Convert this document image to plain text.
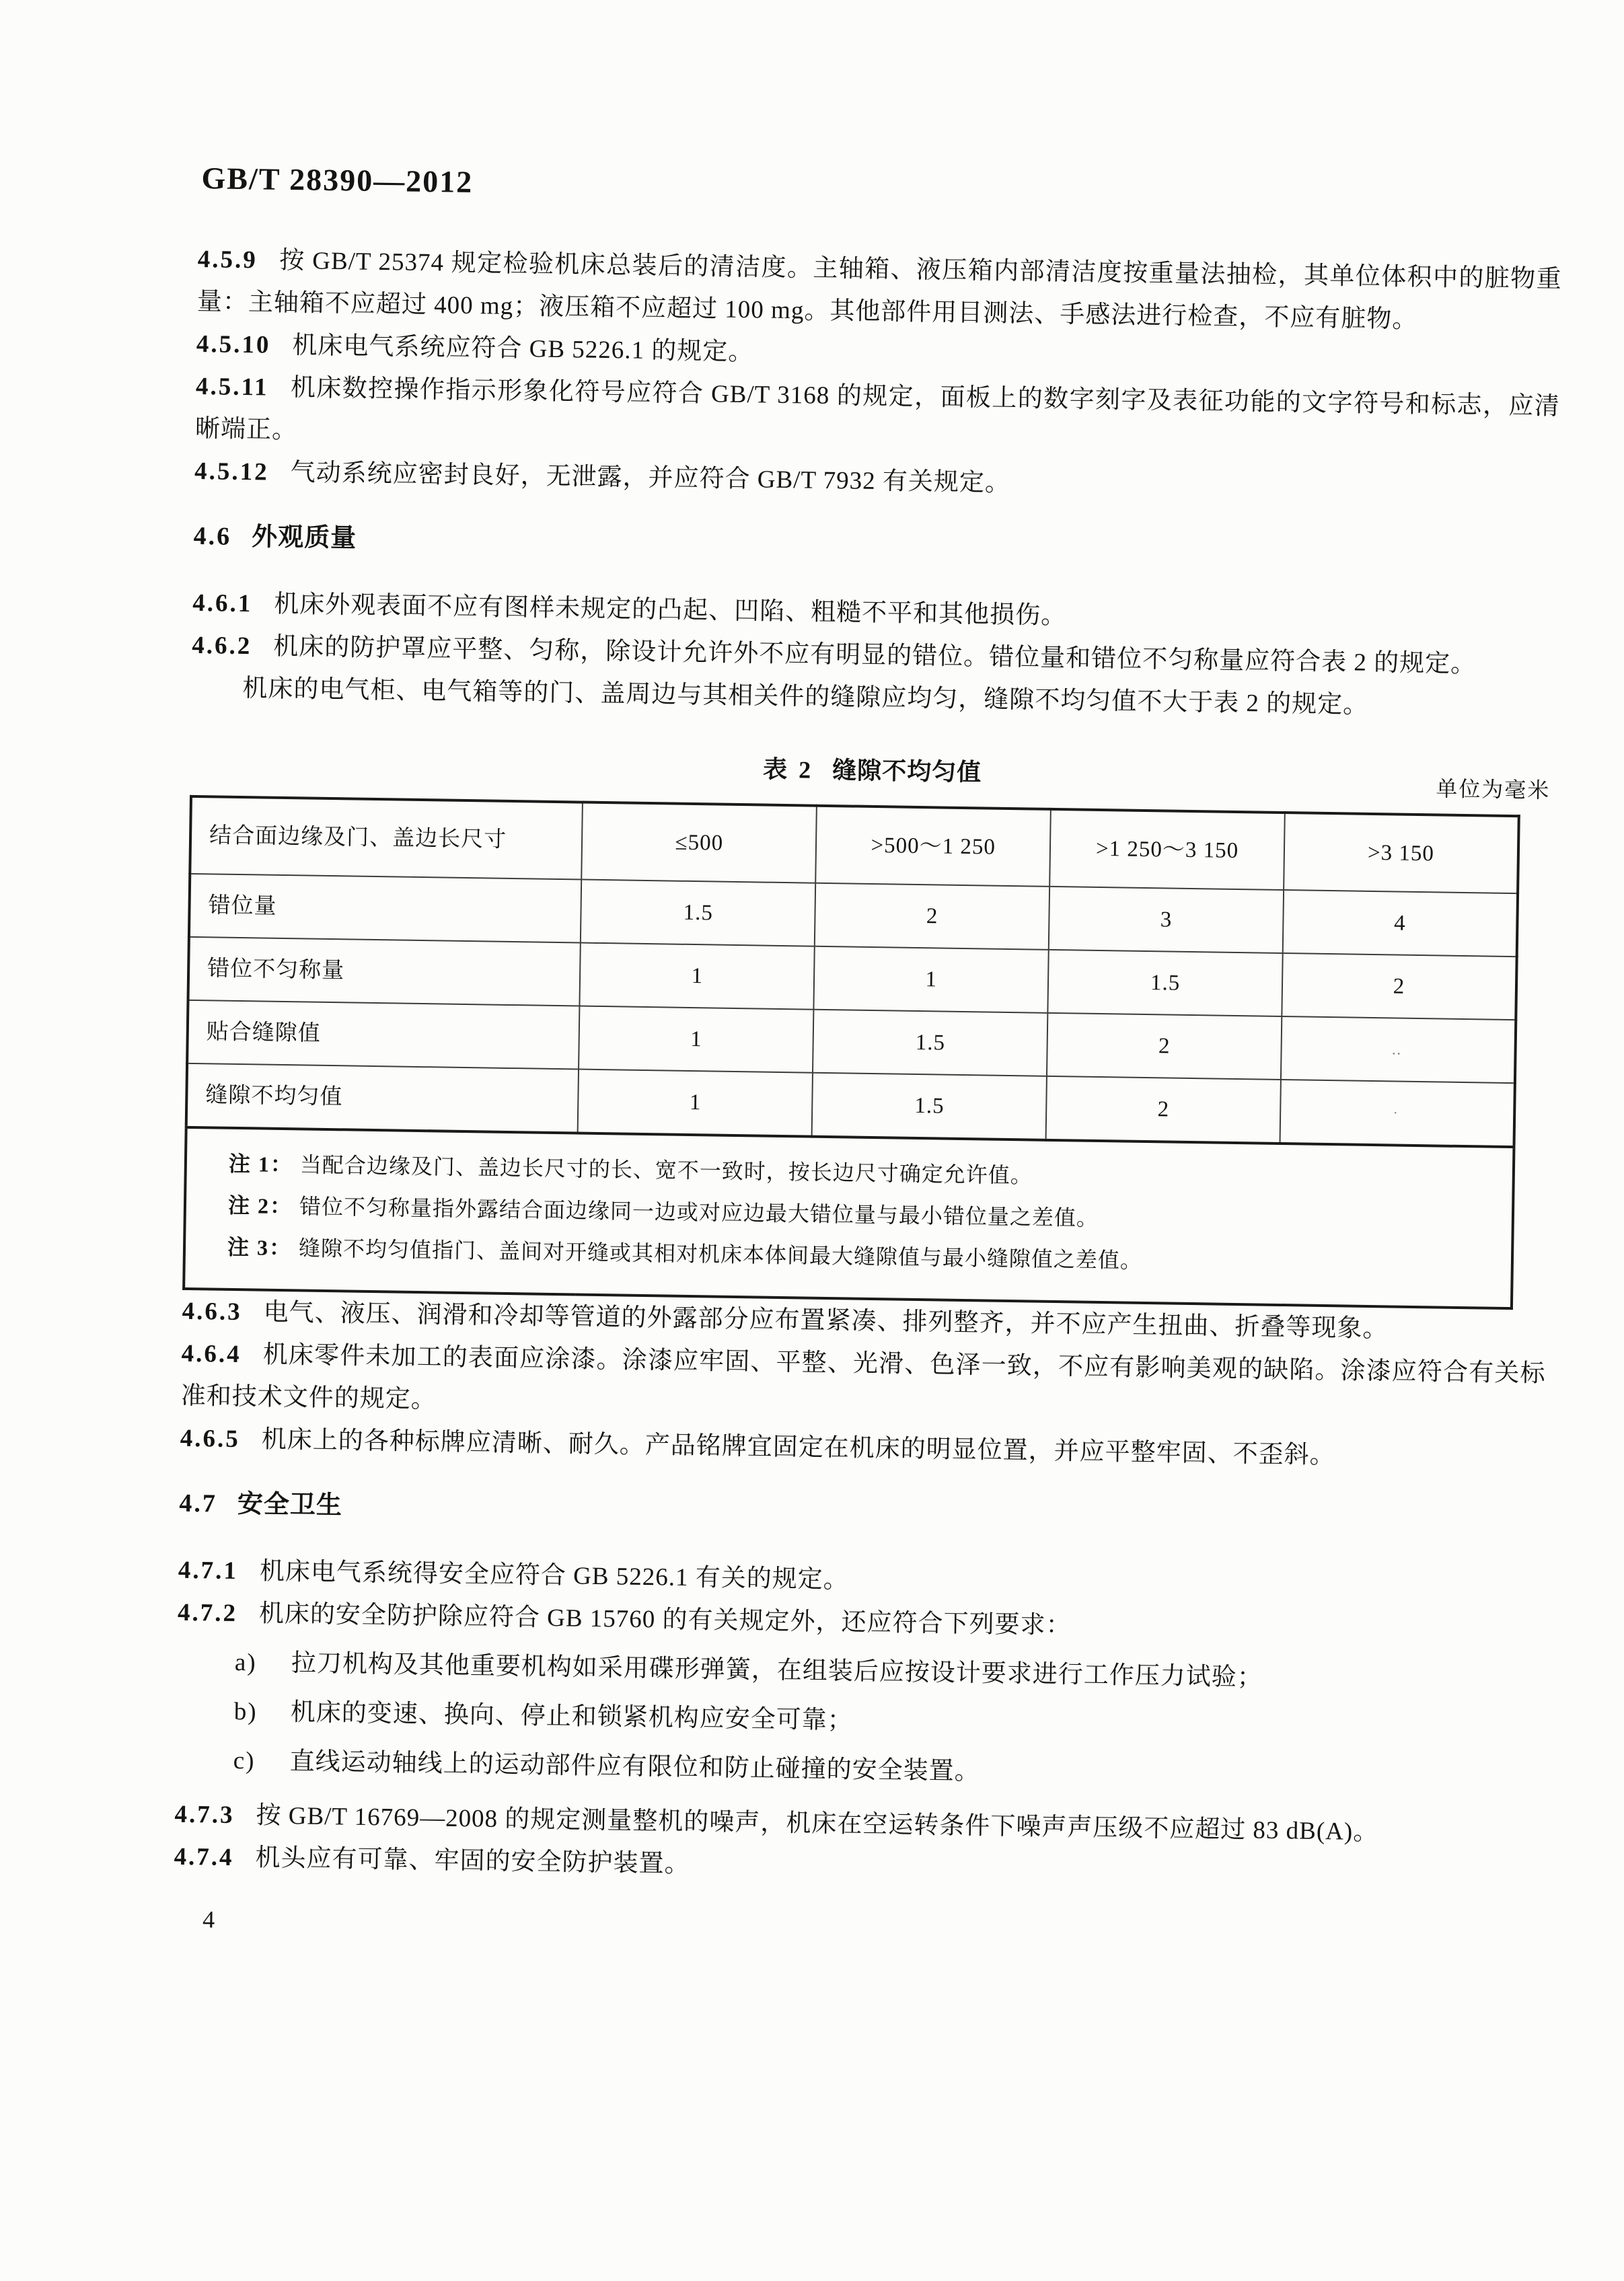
GB/T 28390—2012

4.5.9 按 GB/T 25374 规定检验机床总装后的清洁度。主轴箱、液压箱内部清洁度按重量法抽检，其单位体积中的脏物重量：主轴箱不应超过 400 mg；液压箱不应超过 100 mg。其他部件用目测法、手感法进行检查，不应有脏物。

4.5.10 机床电气系统应符合 GB 5226.1 的规定。

4.5.11 机床数控操作指示形象化符号应符合 GB/T 3168 的规定，面板上的数字刻字及表征功能的文字符号和标志，应清晰端正。

4.5.12 气动系统应密封良好，无泄露，并应符合 GB/T 7932 有关规定。

4.6 外观质量

4.6.1 机床外观表面不应有图样未规定的凸起、凹陷、粗糙不平和其他损伤。

4.6.2 机床的防护罩应平整、匀称，除设计允许外不应有明显的错位。错位量和错位不匀称量应符合表 2 的规定。

机床的电气柜、电气箱等的门、盖周边与其相关件的缝隙应均匀，缝隙不均匀值不大于表 2 的规定。

表 2 缝隙不均匀值
单位为毫米
结合面边缘及门、盖边长尺寸	≤500	>500～1 250	>1 250～3 150	>3 150
错位量	1.5	2	3	4
错位不匀称量	1	1	1.5	2
贴合缝隙值	1	1.5	2	‥
缝隙不均匀值	1	1.5	2	·

注 1： 当配合边缘及门、盖边长尺寸的长、宽不一致时，按长边尺寸确定允许值。

注 2： 错位不匀称量指外露结合面边缘同一边或对应边最大错位量与最小错位量之差值。

注 3： 缝隙不均匀值指门、盖间对开缝或其相对机床本体间最大缝隙值与最小缝隙值之差值。				

4.6.3 电气、液压、润滑和冷却等管道的外露部分应布置紧凑、排列整齐，并不应产生扭曲、折叠等现象。

4.6.4 机床零件未加工的表面应涂漆。涂漆应牢固、平整、光滑、色泽一致，不应有影响美观的缺陷。涂漆应符合有关标准和技术文件的规定。

4.6.5 机床上的各种标牌应清晰、耐久。产品铭牌宜固定在机床的明显位置，并应平整牢固、不歪斜。

4.7 安全卫生

4.7.1 机床电气系统得安全应符合 GB 5226.1 有关的规定。

4.7.2 机床的安全防护除应符合 GB 15760 的有关规定外，还应符合下列要求：

a) 拉刀机构及其他重要机构如采用碟形弹簧，在组装后应按设计要求进行工作压力试验；

b) 机床的变速、换向、停止和锁紧机构应安全可靠；

c) 直线运动轴线上的运动部件应有限位和防止碰撞的安全装置。

4.7.3 按 GB/T 16769—2008 的规定测量整机的噪声，机床在空运转条件下噪声声压级不应超过 83 dB(A)。

4.7.4 机头应有可靠、牢固的安全防护装置。

4
